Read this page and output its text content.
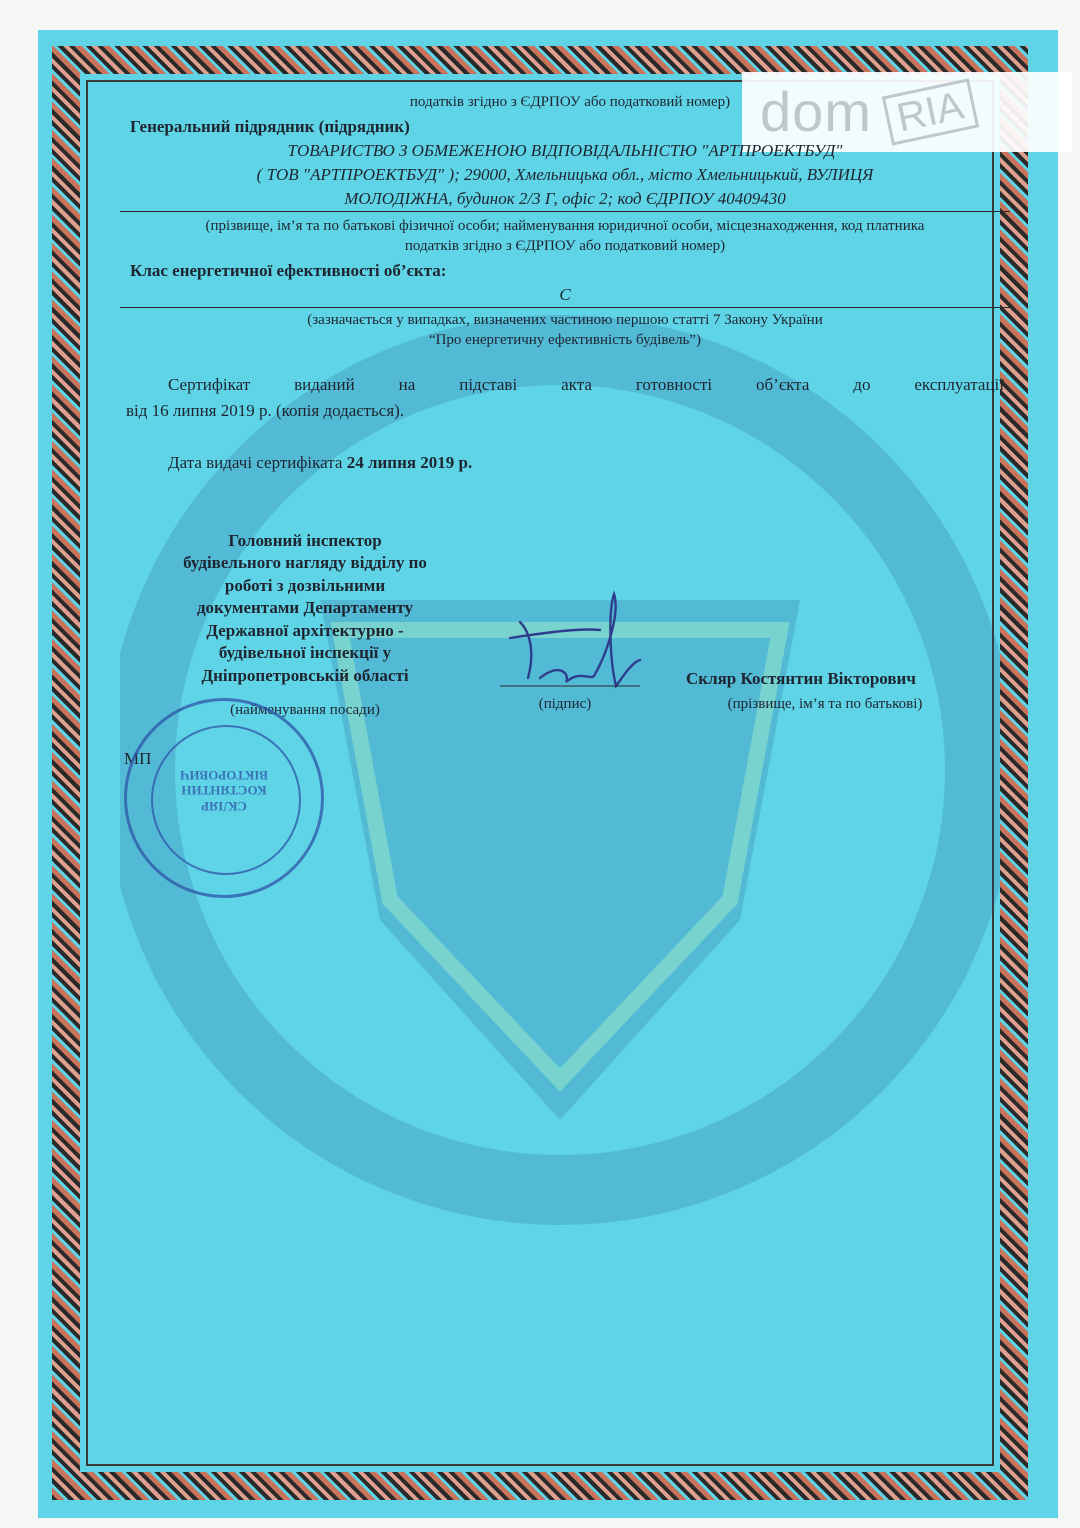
dom RIA
податків згідно з ЄДРПОУ або податковий номер)
Генеральний підрядник (підрядник)
ТОВАРИСТВО З ОБМЕЖЕНОЮ ВІДПОВІДАЛЬНІСТЮ "АРТПРОЕКТБУД"
( ТОВ "АРТПРОЕКТБУД" ); 29000, Хмельницька обл., місто Хмельницький, ВУЛИЦЯ
МОЛОДІЖНА, будинок 2/3 Г, офіс 2; код ЄДРПОУ 40409430
(прізвище, ім’я та по батькові фізичної особи; найменування юридичної особи, місцезнаходження, код платника
податків згідно з ЄДРПОУ або податковий номер)
Клас енергетичної ефективності об’єкта:
С
(зазначається у випадках, визначених частиною першою статті 7 Закону України
“Про енергетичну ефективність будівель”)
Сертифікат виданий на підставі акта готовності об’єкта до експлуатації
від 16 липня 2019 р. (копія додається).
Дата видачі сертифіката 24 липня 2019 р.
Головний інспектор
будівельного нагляду відділу по
роботі з дозвільними
документами Департаменту
Державної архітектурно -
будівельної інспекції у
Дніпропетровській області
(найменування посади)	(підпис)
Скляр Костянтин Вікторович
(прізвище, ім’я та по батькові)
МП
СКЛЯР
КОСТЯНТИН
ВІКТОРОВИЧ
